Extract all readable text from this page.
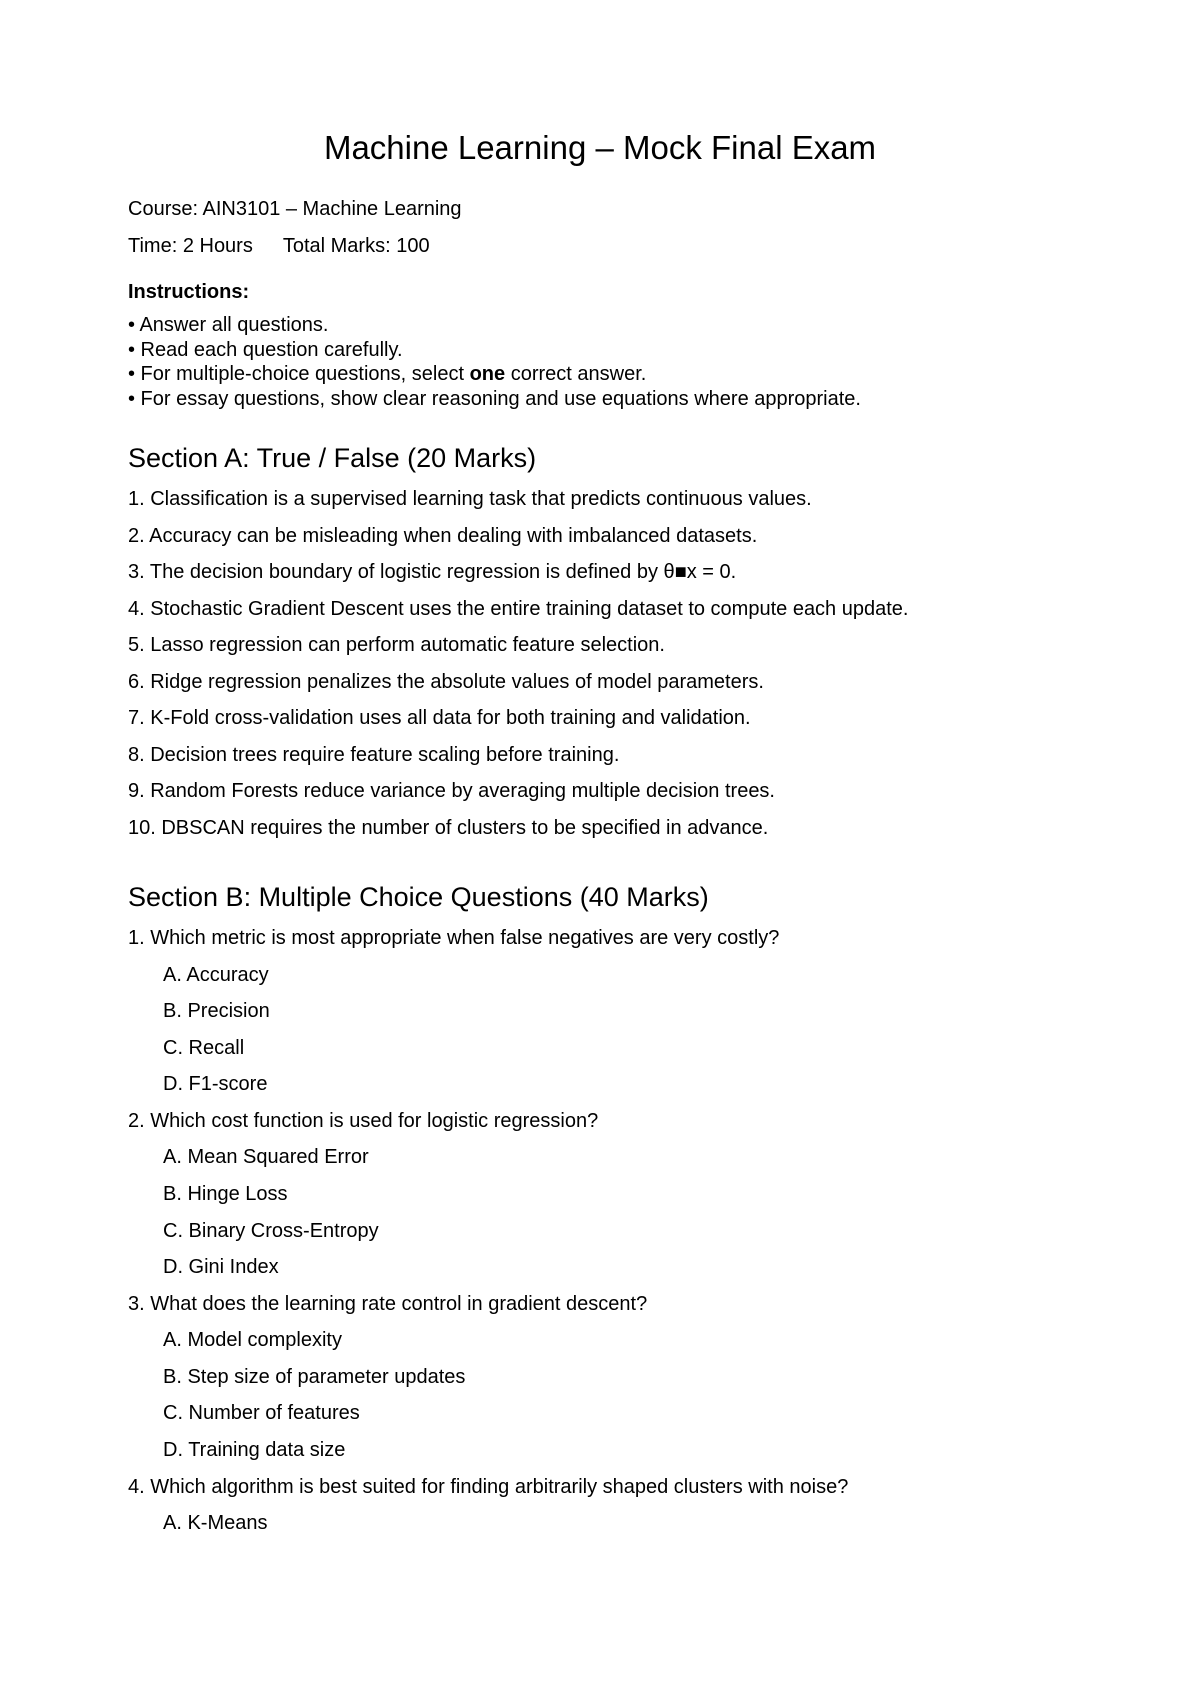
Machine Learning – Mock Final Exam
Course: AIN3101 – Machine Learning
Time: 2 Hours Total Marks: 100
Instructions:
• Answer all questions.
• Read each question carefully.
• For multiple-choice questions, select one correct answer.
• For essay questions, show clear reasoning and use equations where appropriate.
Section A: True / False (20 Marks)
1. Classification is a supervised learning task that predicts continuous values.
2. Accuracy can be misleading when dealing with imbalanced datasets.
3. The decision boundary of logistic regression is defined by θ■x = 0.
4. Stochastic Gradient Descent uses the entire training dataset to compute each update.
5. Lasso regression can perform automatic feature selection.
6. Ridge regression penalizes the absolute values of model parameters.
7. K-Fold cross-validation uses all data for both training and validation.
8. Decision trees require feature scaling before training.
9. Random Forests reduce variance by averaging multiple decision trees.
10. DBSCAN requires the number of clusters to be specified in advance.
Section B: Multiple Choice Questions (40 Marks)
1. Which metric is most appropriate when false negatives are very costly?
A. Accuracy
B. Precision
C. Recall
D. F1-score
2. Which cost function is used for logistic regression?
A. Mean Squared Error
B. Hinge Loss
C. Binary Cross-Entropy
D. Gini Index
3. What does the learning rate control in gradient descent?
A. Model complexity
B. Step size of parameter updates
C. Number of features
D. Training data size
4. Which algorithm is best suited for finding arbitrarily shaped clusters with noise?
A. K-Means
